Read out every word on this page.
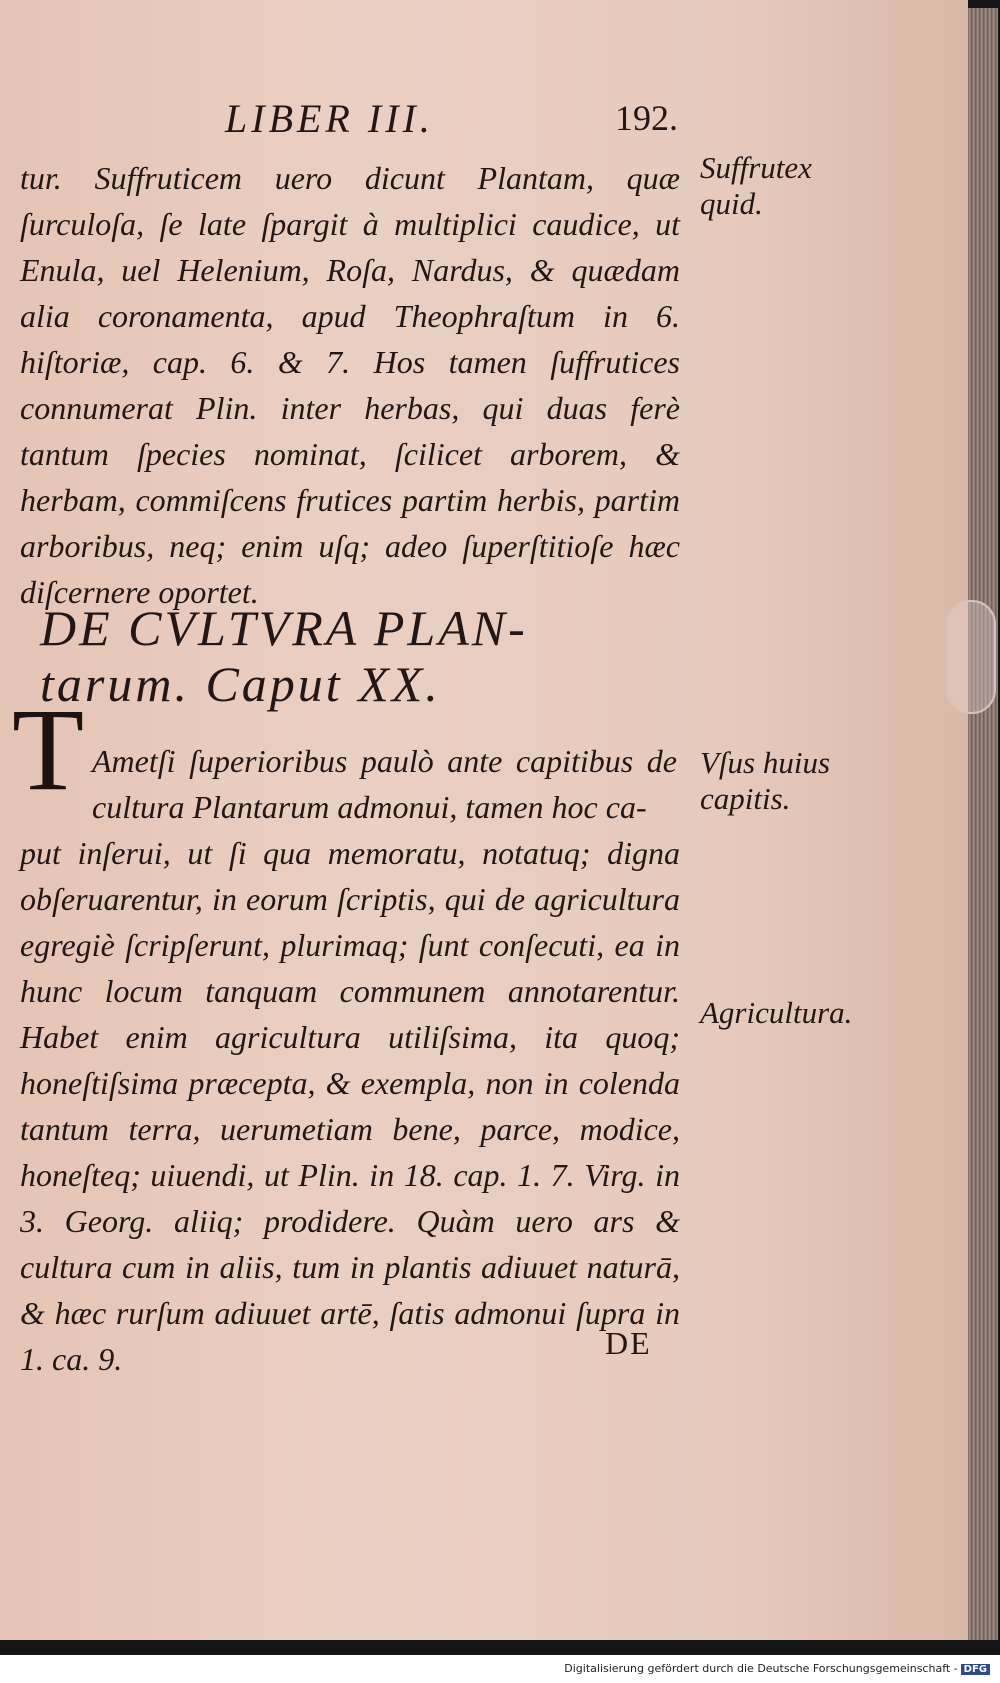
LIBER III.	192.

tur. Suffruticem uero dicunt Plantam, quæ ſurculoſa, ſe late ſpargit à multiplici caudice, ut Enula, uel Helenium, Roſa, Nardus, & quædam alia coronamenta, apud Theophraſtum in 6. hiſtoriæ, cap. 6. & 7. Hos tamen ſuffrutices connumerat Plin. inter herbas, qui duas ferè tantum ſpecies nominat, ſcilicet arborem, & herbam, commiſcens frutices partim herbis, partim arboribus, neq; enim uſq; adeo ſuperſtitioſe hæc diſcernere oportet.

DE CVLTVRA PLAN-
tarum. Caput XX.
T Ametſi ſuperioribus paulò ante capitibus de cultura Plantarum admonui, tamen hoc ca-

put inſerui, ut ſi qua memoratu, notatuq; digna obſeruarentur, in eorum ſcriptis, qui de agricultura egregiè ſcripſerunt, plurimaq; ſunt conſecuti, ea in hunc locum tanquam communem annotarentur. Habet enim agricultura utiliſsima, ita quoq; honeſtiſsima præcepta, & exempla, non in colenda tantum terra, uerumetiam bene, parce, modice, honeſteq; uiuendi, ut Plin. in 18. cap. 1. 7. Virg. in 3. Georg. aliiq; prodidere. Quàm uero ars & cultura cum in aliis, tum in plantis adiuuet naturā, & hæc rurſum adiuuet artē, ſatis admonui ſupra in 1. ca. 9.	DE

Suffrutex quid.

Vſus huius capitis.

Agricultura.

Digitalisierung gefördert durch die Deutsche Forschungsgemeinschaft - DFG
